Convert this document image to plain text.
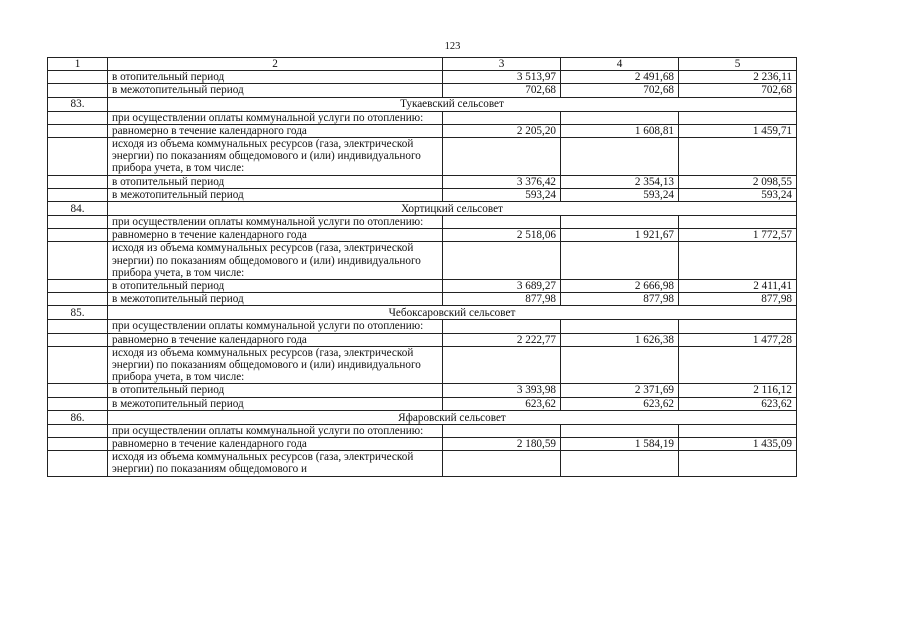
123
1	2	3	4	5
	в отопительный период	3 513,97	2 491,68	2 236,11
	в межотопительный период	702,68	702,68	702,68
83.	Тукаевский сельсовет			
	при осуществлении оплаты коммунальной услуги по отоплению:			
	равномерно в течение календарного года	2 205,20	1 608,81	1 459,71
	исходя из объема коммунальных ресурсов (газа, электрической энергии) по показаниям общедомового и (или) индивидуального прибора учета, в том числе:			
	в отопительный период	3 376,42	2 354,13	2 098,55
	в межотопительный период	593,24	593,24	593,24
84.	Хортицкий сельсовет			
	при осуществлении оплаты коммунальной услуги по отоплению:			
	равномерно в течение календарного года	2 518,06	1 921,67	1 772,57
	исходя из объема коммунальных ресурсов (газа, электрической энергии) по показаниям общедомового и (или) индивидуального прибора учета, в том числе:			
	в отопительный период	3 689,27	2 666,98	2 411,41
	в межотопительный период	877,98	877,98	877,98
85.	Чебоксаровский сельсовет			
	при осуществлении оплаты коммунальной услуги по отоплению:			
	равномерно в течение календарного года	2 222,77	1 626,38	1 477,28
	исходя из объема коммунальных ресурсов (газа, электрической энергии) по показаниям общедомового и (или) индивидуального прибора учета, в том числе:			
	в отопительный период	3 393,98	2 371,69	2 116,12
	в межотопительный период	623,62	623,62	623,62
86.	Яфаровский сельсовет			
	при осуществлении оплаты коммунальной услуги по отоплению:			
	равномерно в течение календарного года	2 180,59	1 584,19	1 435,09
	исходя из объема коммунальных ресурсов (газа, электрической энергии) по показаниям общедомового и			
